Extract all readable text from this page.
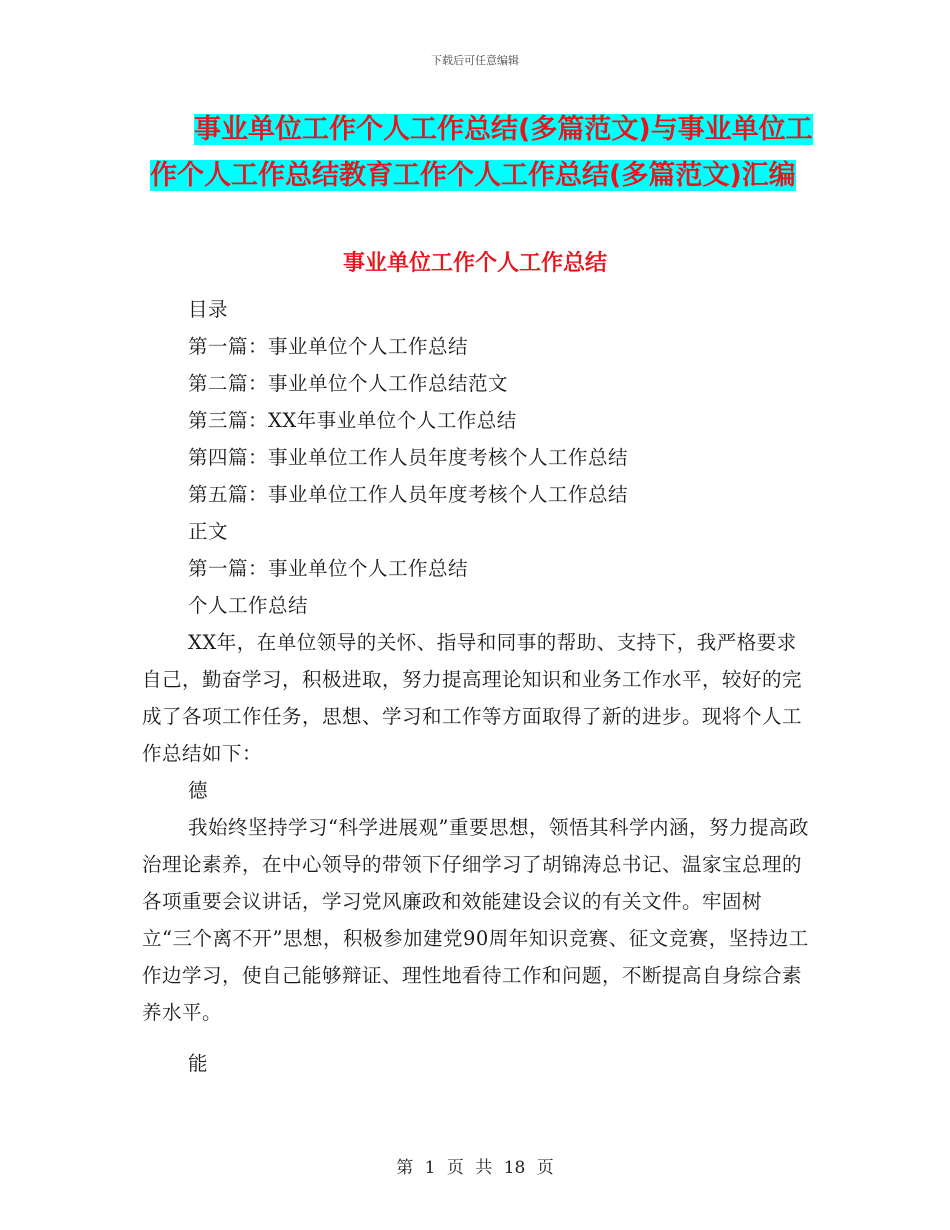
下载后可任意编辑
事业单位工作个人工作总结(多篇范文)与事业单位工
作个人工作总结教育工作个人工作总结(多篇范文)汇编
事业单位工作个人工作总结

目录

第一篇：事业单位个人工作总结

第二篇：事业单位个人工作总结范文

第三篇：XX年事业单位个人工作总结

第四篇：事业单位工作人员年度考核个人工作总结

第五篇：事业单位工作人员年度考核个人工作总结

正文

第一篇：事业单位个人工作总结

个人工作总结

XX年，在单位领导的关怀、指导和同事的帮助、支持下，我严格要求自己，勤奋学习，积极进取，努力提高理论知识和业务工作水平，较好的完成了各项工作任务，思想、学习和工作等方面取得了新的进步。现将个人工作总结如下：

德

我始终坚持学习“科学进展观”重要思想，领悟其科学内涵，努力提高政治理论素养，在中心领导的带领下仔细学习了胡锦涛总书记、温家宝总理的各项重要会议讲话，学习党风廉政和效能建设会议的有关文件。牢固树立“三个离不开”思想，积极参加建党90周年知识竞赛、征文竞赛，坚持边工作边学习，使自己能够辩证、理性地看待工作和问题，不断提高自身综合素养水平。

能

第 1 页 共 18 页
